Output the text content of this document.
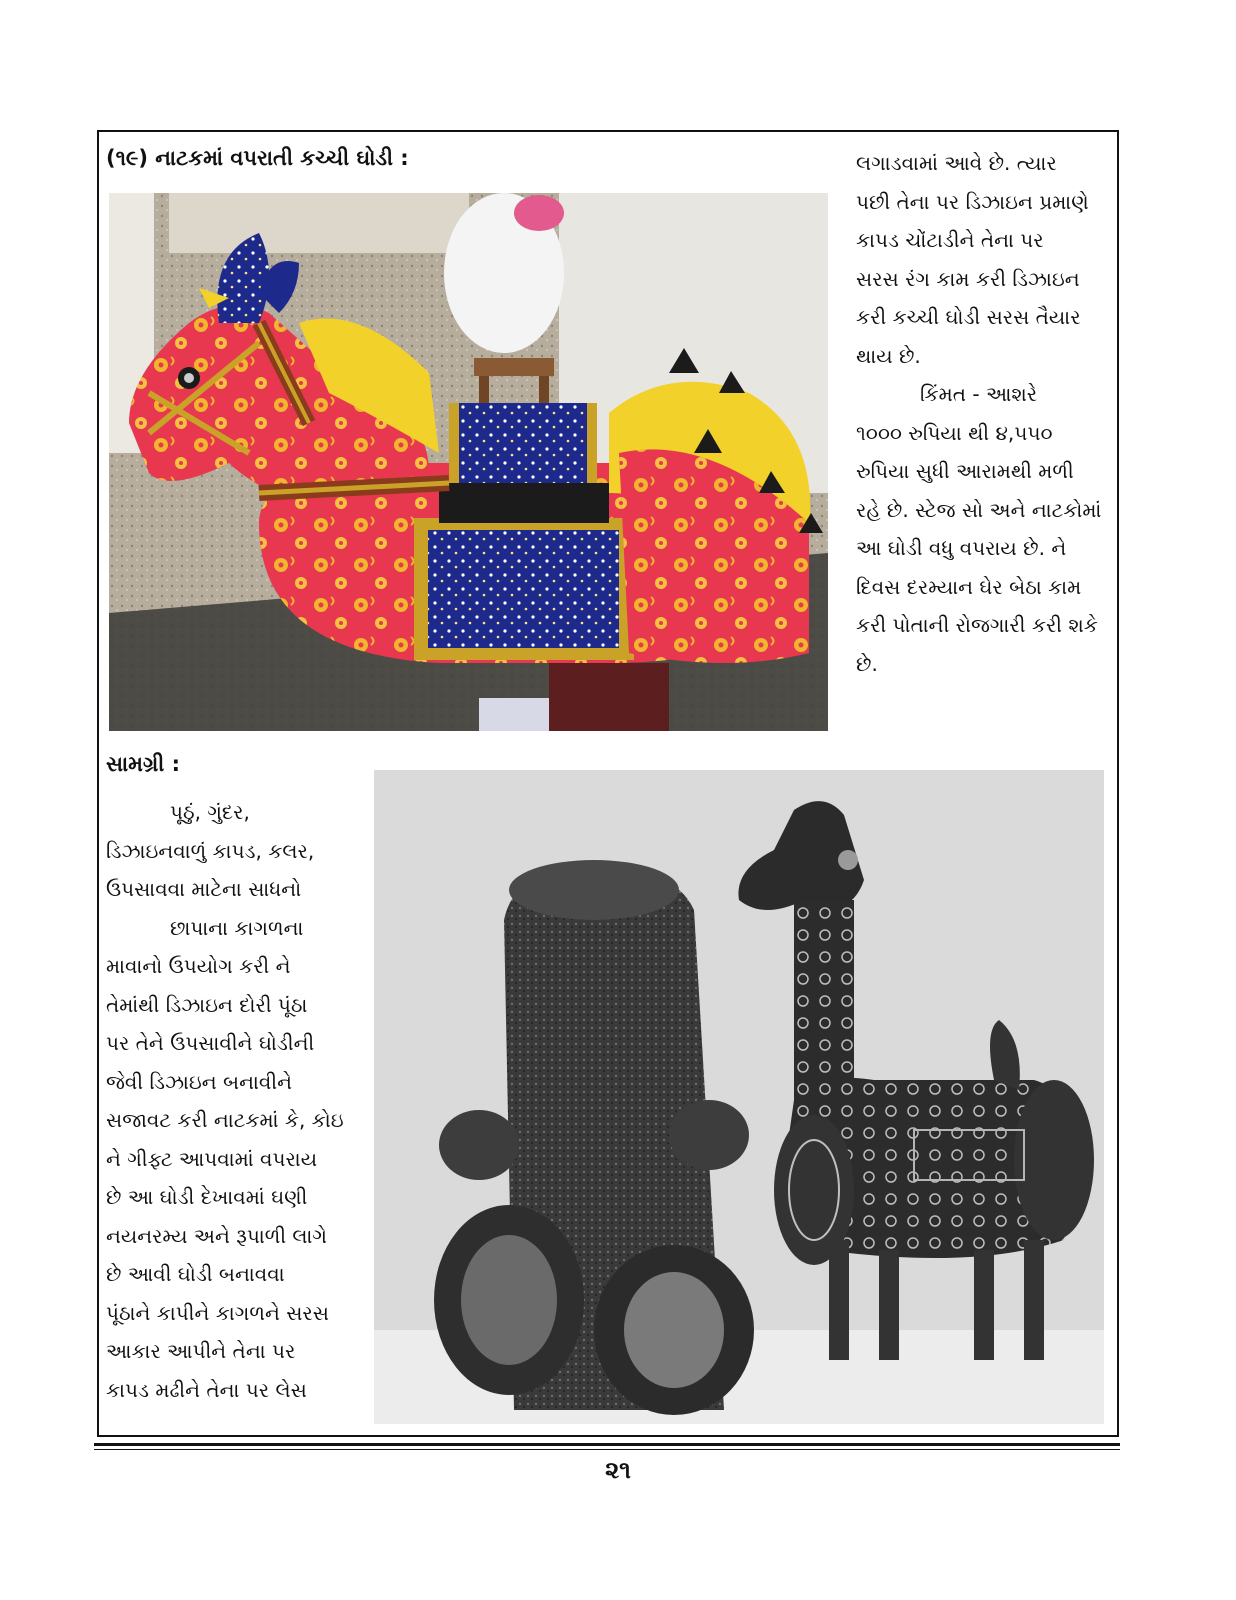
(૧૯) નાટકમાં વપરાતી કચ્ચી ઘોડી :	લગાડવામાં આવે છે. ત્યાર
પછી તેના પર ડિઝાઇન પ્રમાણે
કાપડ ચોંટાડીને તેના પર
સરસ રંગ કામ કરી ડિઝાઇન
કરી કચ્ચી ઘોડી સરસ તૈયાર
થાય છે.
કિંમત - આશરે
૧૦૦૦ રુપિયા થી ૪,૫૫૦
રુપિયા સુધી આરામથી મળી
રહે છે. સ્ટેજ સો અને નાટકોમાં
આ ઘોડી વધુ વપરાય છે. ને
દિવસ દરમ્યાન ઘેર બેઠા કામ
કરી પોતાની રોજગારી કરી શકે
છે.
સામગ્રી :
પૂઠું, ગુંદર,
ડિઝાઇનવાળું કાપડ, કલર,
ઉપસાવવા માટેના સાધનો
છાપાના કાગળના
માવાનો ઉપયોગ કરી ને
તેમાંથી ડિઝાઇન દોરી પૂંઠા
પર તેને ઉપસાવીને ઘોડીની
જેવી ડિઝાઇન બનાવીને
સજાવટ કરી નાટકમાં કે, કોઇ
ને ગીફ્ટ આપવામાં વપરાય
છે આ ઘોડી દેખાવમાં ઘણી
નયનરમ્ય અને રૂપાળી લાગે
છે આવી ઘોડી બનાવવા
પૂંઠાને કાપીને કાગળને સરસ
આકાર આપીને તેના પર
કાપડ મઢીને તેના પર લેસ
૨૧
